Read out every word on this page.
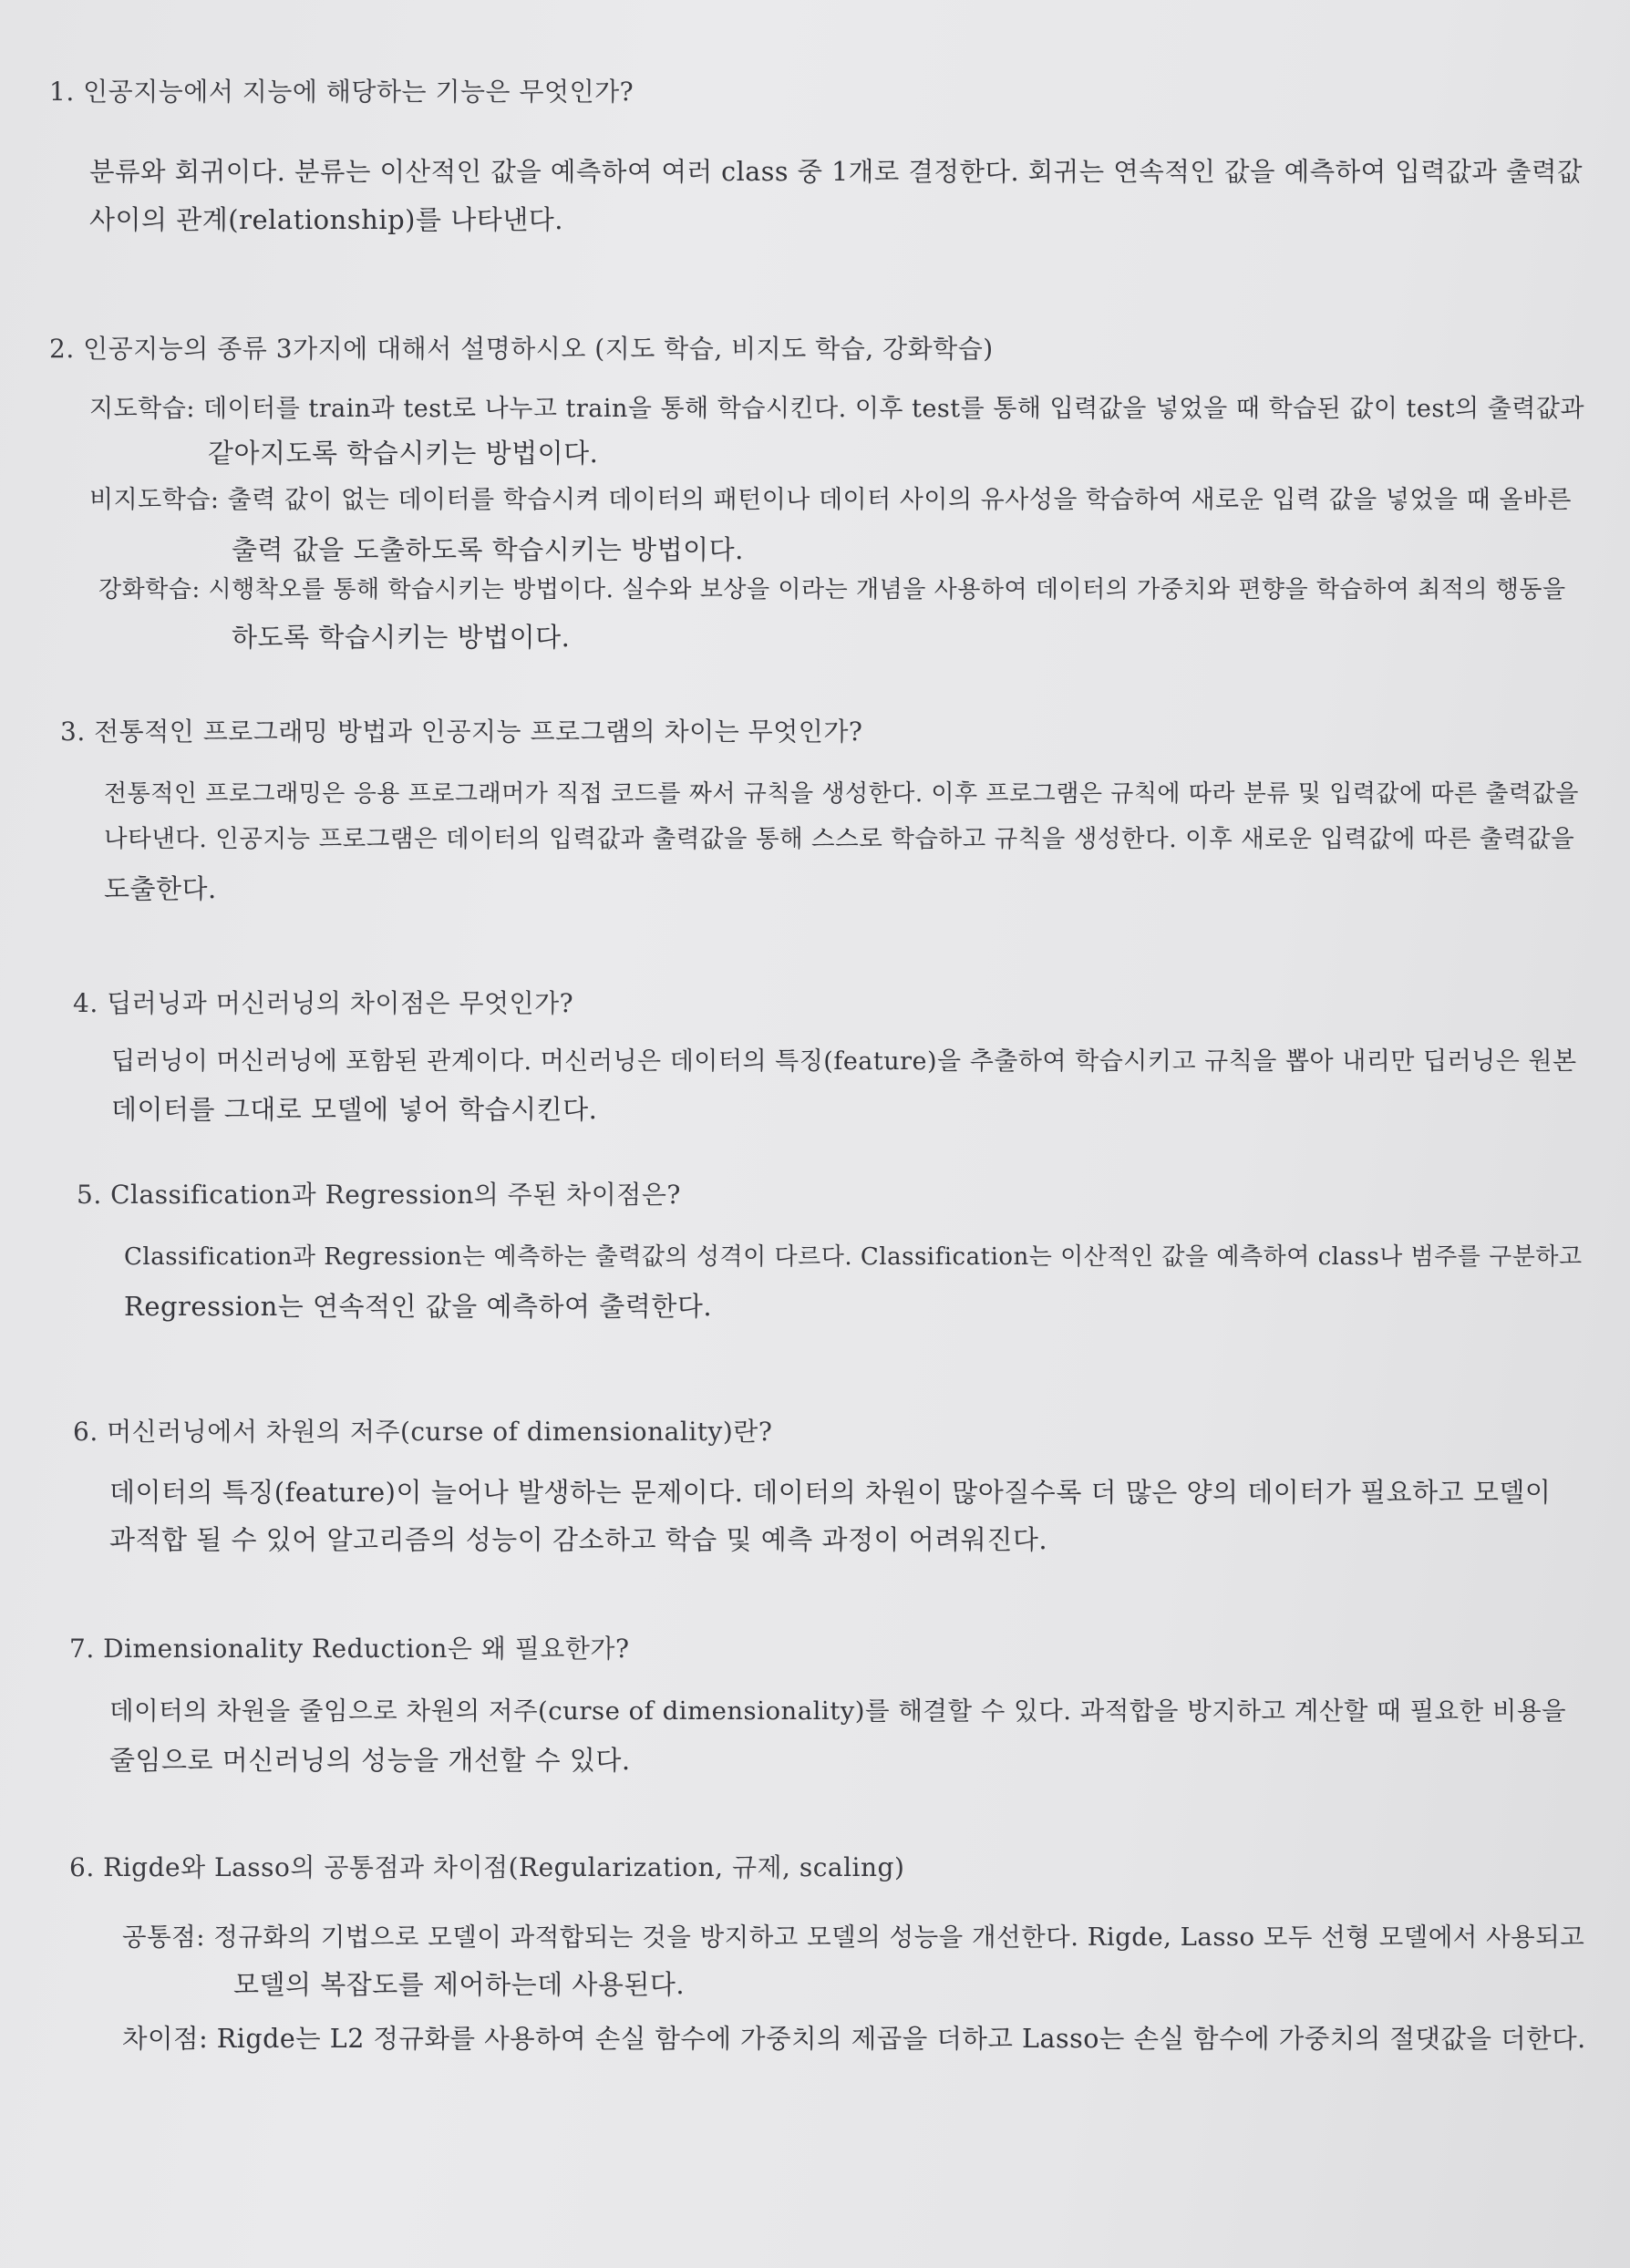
1. 인공지능에서 지능에 해당하는 기능은 무엇인가?
분류와 회귀이다. 분류는 이산적인 값을 예측하여 여러 class 중 1개로 결정한다. 회귀는 연속적인 값을 예측하여 입력값과 출력값
사이의 관계(relationship)를 나타낸다.
2. 인공지능의 종류 3가지에 대해서 설명하시오 (지도 학습, 비지도 학습, 강화학습)
지도학습: 데이터를 train과 test로 나누고 train을 통해 학습시킨다. 이후 test를 통해 입력값을 넣었을 때 학습된 값이 test의 출력값과
같아지도록 학습시키는 방법이다.
비지도학습: 출력 값이 없는 데이터를 학습시켜 데이터의 패턴이나 데이터 사이의 유사성을 학습하여 새로운 입력 값을 넣었을 때 올바른
출력 값을 도출하도록 학습시키는 방법이다.
강화학습: 시행착오를 통해 학습시키는 방법이다. 실수와 보상을 이라는 개념을 사용하여 데이터의 가중치와 편향을 학습하여 최적의 행동을
하도록 학습시키는 방법이다.
3. 전통적인 프로그래밍 방법과 인공지능 프로그램의 차이는 무엇인가?
전통적인 프로그래밍은 응용 프로그래머가 직접 코드를 짜서 규칙을 생성한다. 이후 프로그램은 규칙에 따라 분류 및 입력값에 따른 출력값을
나타낸다. 인공지능 프로그램은 데이터의 입력값과 출력값을 통해 스스로 학습하고 규칙을 생성한다. 이후 새로운 입력값에 따른 출력값을
도출한다.
4. 딥러닝과 머신러닝의 차이점은 무엇인가?
딥러닝이 머신러닝에 포함된 관계이다. 머신러닝은 데이터의 특징(feature)을 추출하여 학습시키고 규칙을 뽑아 내리만 딥러닝은 원본
데이터를 그대로 모델에 넣어 학습시킨다.
5. Classification과 Regression의 주된 차이점은?
Classification과 Regression는 예측하는 출력값의 성격이 다르다. Classification는 이산적인 값을 예측하여 class나 범주를 구분하고
Regression는 연속적인 값을 예측하여 출력한다.
6. 머신러닝에서 차원의 저주(curse of dimensionality)란?
데이터의 특징(feature)이 늘어나 발생하는 문제이다. 데이터의 차원이 많아질수록 더 많은 양의 데이터가 필요하고 모델이
과적합 될 수 있어 알고리즘의 성능이 감소하고 학습 및 예측 과정이 어려워진다.
7. Dimensionality Reduction은 왜 필요한가?
데이터의 차원을 줄임으로 차원의 저주(curse of dimensionality)를 해결할 수 있다. 과적합을 방지하고 계산할 때 필요한 비용을
줄임으로 머신러닝의 성능을 개선할 수 있다.
6. Rigde와 Lasso의 공통점과 차이점(Regularization, 규제, scaling)
공통점: 정규화의 기법으로 모델이 과적합되는 것을 방지하고 모델의 성능을 개선한다. Rigde, Lasso 모두 선형 모델에서 사용되고
모델의 복잡도를 제어하는데 사용된다.
차이점: Rigde는 L2 정규화를 사용하여 손실 함수에 가중치의 제곱을 더하고 Lasso는 손실 함수에 가중치의 절댓값을 더한다.
